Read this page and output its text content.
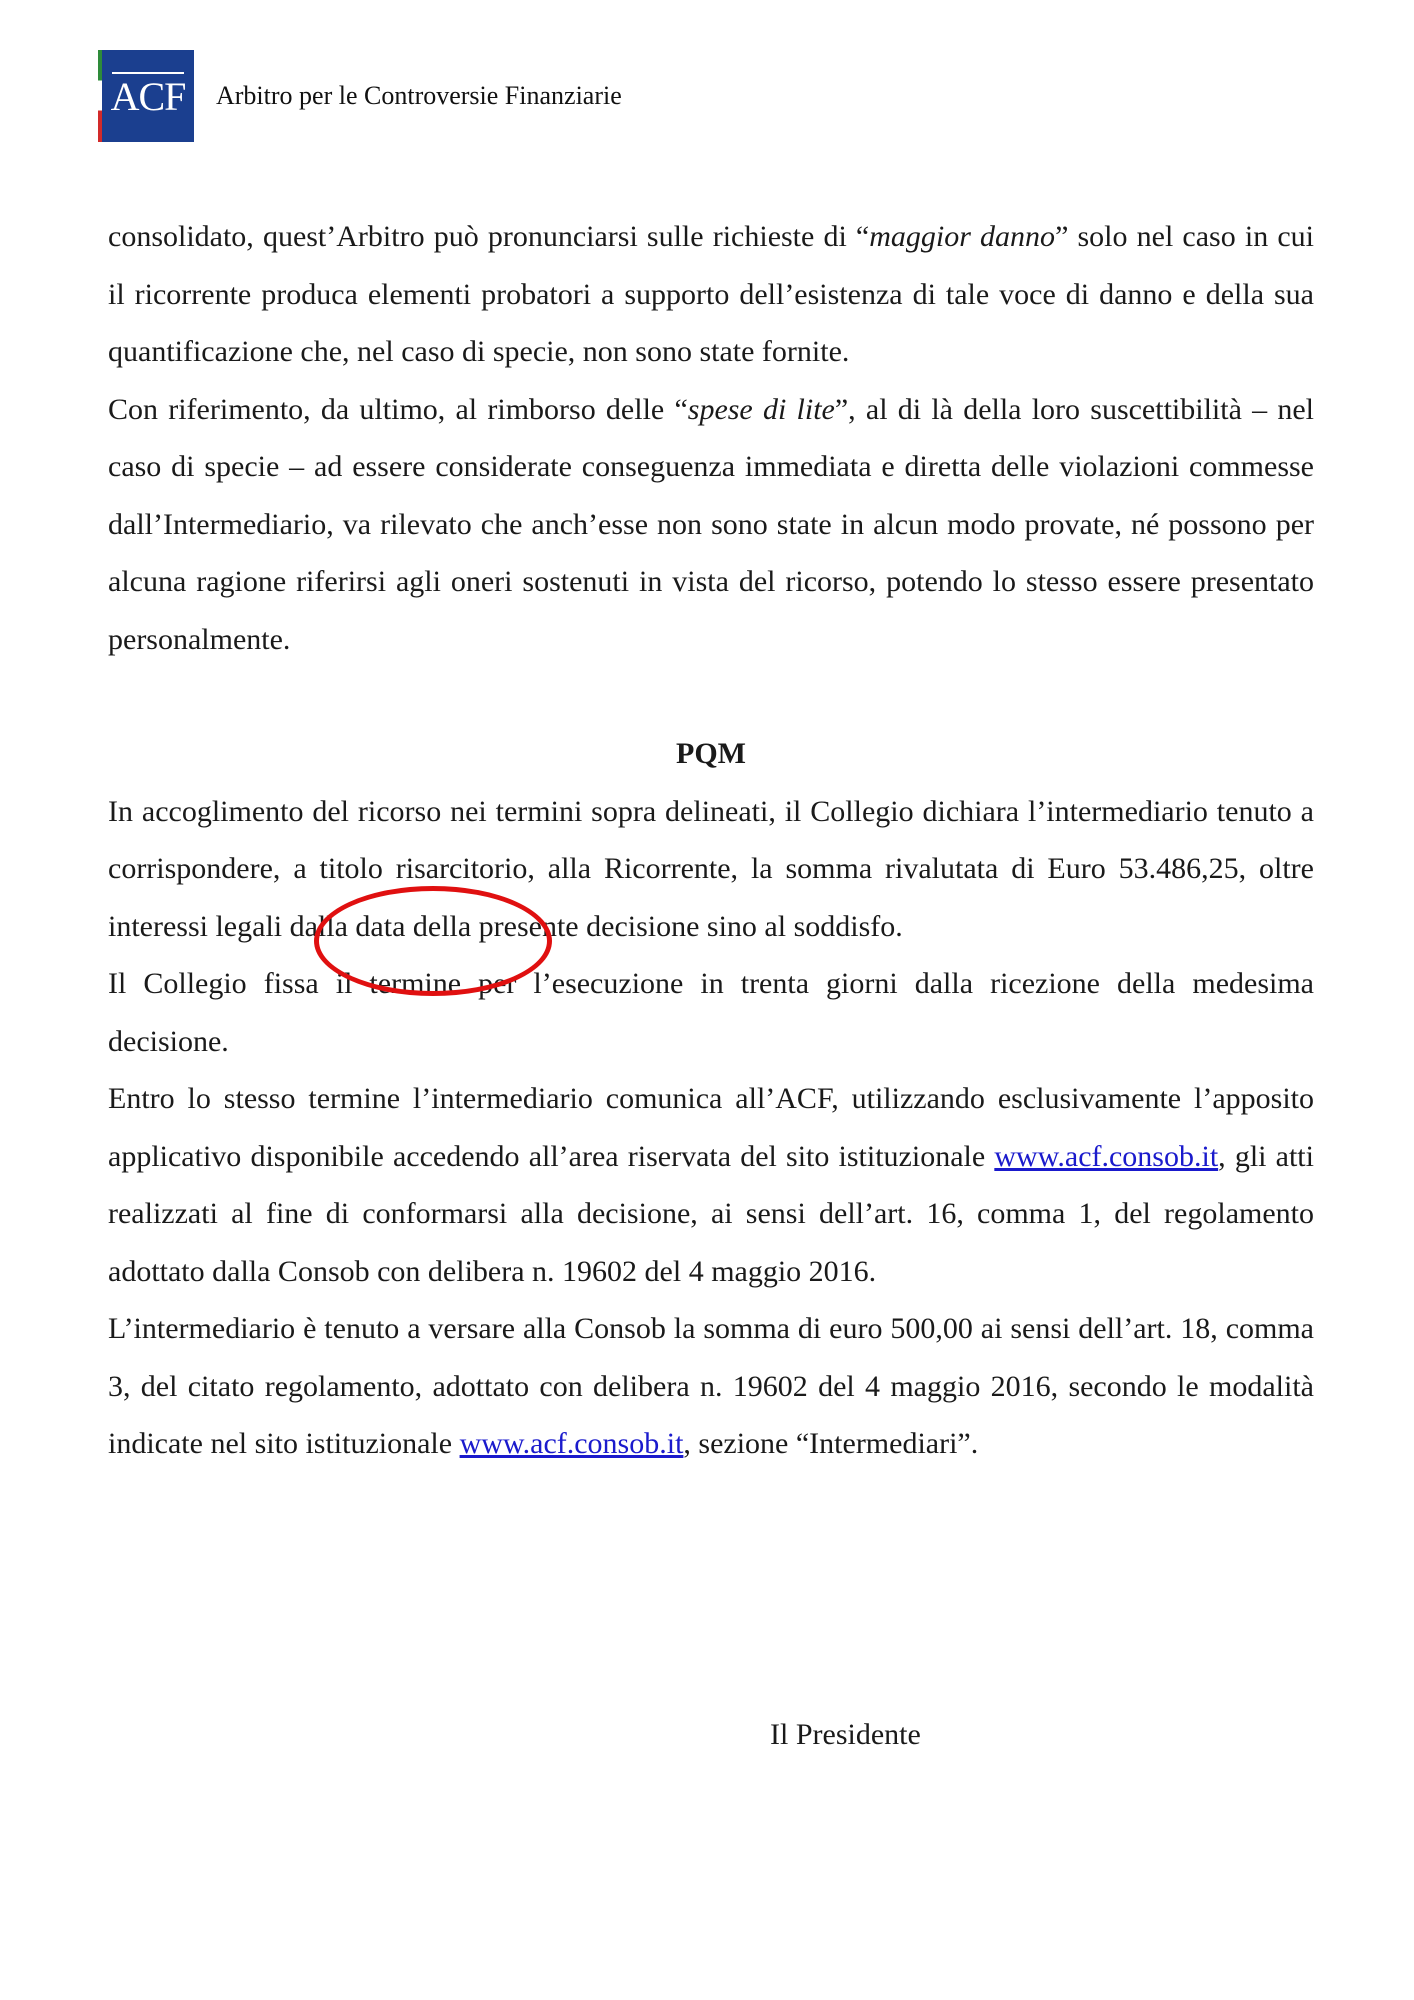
ACF Arbitro per le Controversie Finanziarie

consolidato, quest’Arbitro può pronunciarsi sulle richieste di “maggior danno” solo nel caso in cui il ricorrente produca elementi probatori a supporto dell’esistenza di tale voce di danno e della sua quantificazione che, nel caso di specie, non sono state fornite.

Con riferimento, da ultimo, al rimborso delle “spese di lite”, al di là della loro suscettibilità – nel caso di specie – ad essere considerate conseguenza immediata e diretta delle violazioni commesse dall’Intermediario, va rilevato che anch’esse non sono state in alcun modo provate, né possono per alcuna ragione riferirsi agli oneri sostenuti in vista del ricorso, potendo lo stesso essere presentato personalmente.

PQM

In accoglimento del ricorso nei termini sopra delineati, il Collegio dichiara l’intermediario tenuto a corrispondere, a titolo risarcitorio, alla Ricorrente, la somma rivalutata di Euro 53.486,25, oltre interessi legali dalla data della presente decisione sino al soddisfo.

Il Collegio fissa il termine per l’esecuzione in trenta giorni dalla ricezione della medesima decisione.

Entro lo stesso termine l’intermediario comunica all’ACF, utilizzando esclusivamente l’apposito applicativo disponibile accedendo all’area riservata del sito istituzionale www.acf.consob.it, gli atti realizzati al fine di conformarsi alla decisione, ai sensi dell’art. 16, comma 1, del regolamento adottato dalla Consob con delibera n. 19602 del 4 maggio 2016.

L’intermediario è tenuto a versare alla Consob la somma di euro 500,00 ai sensi dell’art. 18, comma 3, del citato regolamento, adottato con delibera n. 19602 del 4 maggio 2016, secondo le modalità indicate nel sito istituzionale www.acf.consob.it, sezione “Intermediari”.

Il Presidente
